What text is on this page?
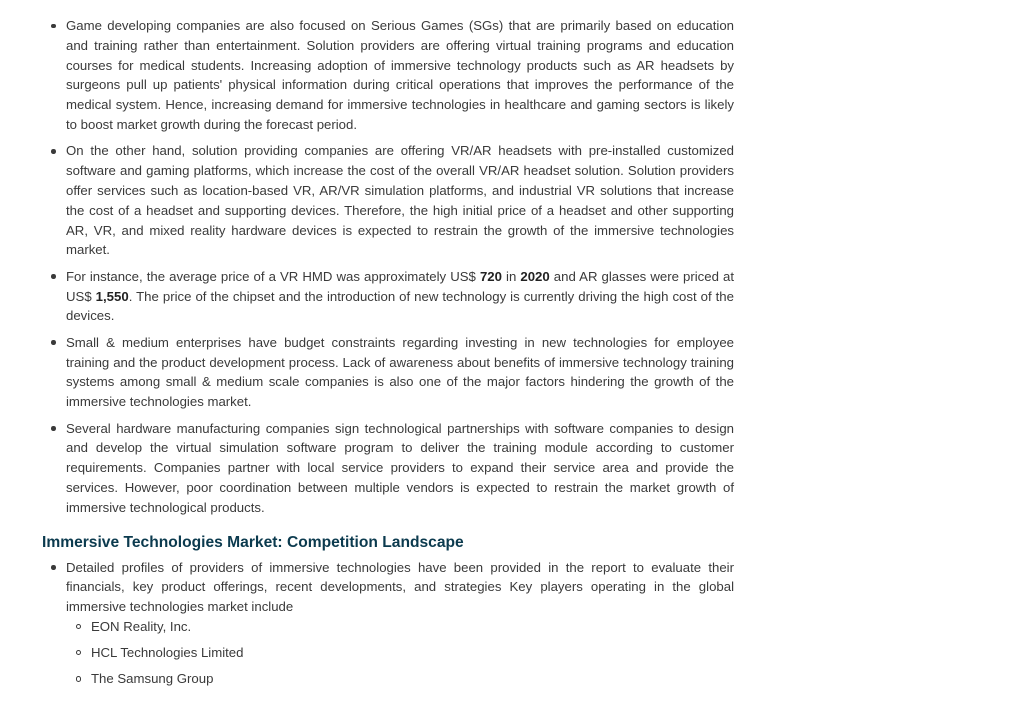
Game developing companies are also focused on Serious Games (SGs) that are primarily based on education and training rather than entertainment. Solution providers are offering virtual training programs and education courses for medical students. Increasing adoption of immersive technology products such as AR headsets by surgeons pull up patients' physical information during critical operations that improves the performance of the medical system. Hence, increasing demand for immersive technologies in healthcare and gaming sectors is likely to boost market growth during the forecast period.
On the other hand, solution providing companies are offering VR/AR headsets with pre-installed customized software and gaming platforms, which increase the cost of the overall VR/AR headset solution. Solution providers offer services such as location-based VR, AR/VR simulation platforms, and industrial VR solutions that increase the cost of a headset and supporting devices. Therefore, the high initial price of a headset and other supporting AR, VR, and mixed reality hardware devices is expected to restrain the growth of the immersive technologies market.
For instance, the average price of a VR HMD was approximately US$ 720 in 2020 and AR glasses were priced at US$ 1,550. The price of the chipset and the introduction of new technology is currently driving the high cost of the devices.
Small & medium enterprises have budget constraints regarding investing in new technologies for employee training and the product development process. Lack of awareness about benefits of immersive technology training systems among small & medium scale companies is also one of the major factors hindering the growth of the immersive technologies market.
Several hardware manufacturing companies sign technological partnerships with software companies to design and develop the virtual simulation software program to deliver the training module according to customer requirements. Companies partner with local service providers to expand their service area and provide the services. However, poor coordination between multiple vendors is expected to restrain the market growth of immersive technological products.
Immersive Technologies Market: Competition Landscape
Detailed profiles of providers of immersive technologies have been provided in the report to evaluate their financials, key product offerings, recent developments, and strategies Key players operating in the global immersive technologies market include
EON Reality, Inc.
HCL Technologies Limited
The Samsung Group
